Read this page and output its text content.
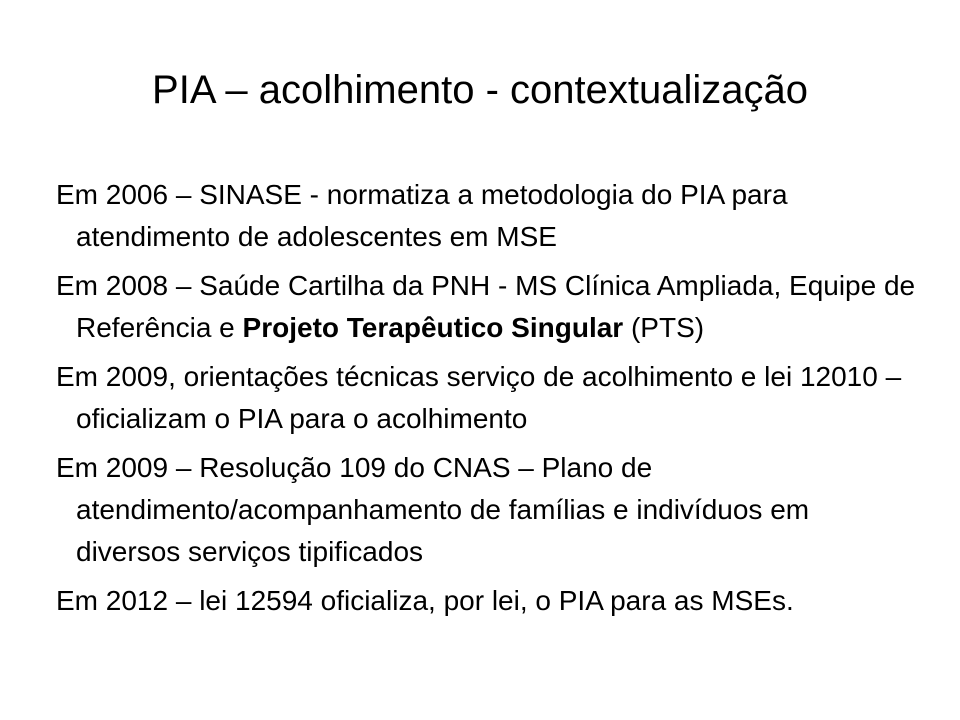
PIA – acolhimento - contextualização
Em 2006 – SINASE - normatiza a metodologia do PIA para atendimento de adolescentes em MSE
Em 2008 – Saúde Cartilha da PNH - MS Clínica Ampliada, Equipe de Referência e Projeto Terapêutico Singular (PTS)
Em 2009, orientações técnicas serviço de acolhimento e lei 12010 – oficializam o PIA para o acolhimento
Em 2009 – Resolução 109 do CNAS – Plano de atendimento/acompanhamento de famílias e indivíduos em diversos serviços tipificados
Em 2012 – lei 12594 oficializa, por lei, o PIA para as MSEs.
